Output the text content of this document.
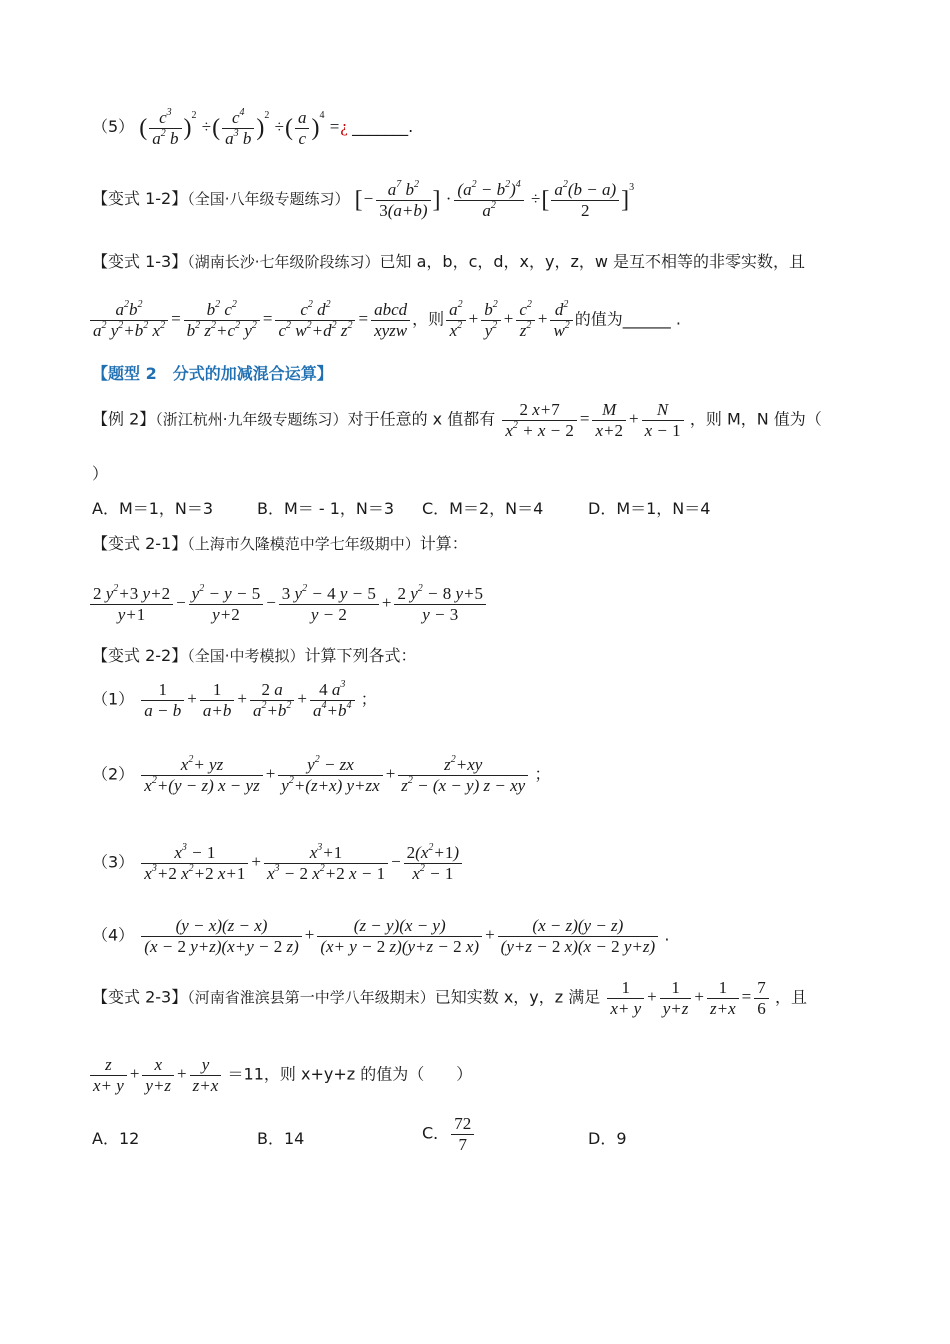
（5） ( $\frac{c^3}{a^2 b} )^2$ ÷( $\frac{c^4}{a^3 b} )^2$ ÷( $\frac{a}{c} )^4$ =¿ _______.
【变式 1-2】（全国·八年级专题练习） [− $\frac{a^7 b^2}{3(a+b)}$ ] · $\frac{(a^2 - b^2)^4}{a^2}$ ÷[ $\frac{a^2(b - a)}{2} ]^3$
【变式 1-3】（湖南长沙·七年级阶段练习）已知 a，b，c，d，x，y，z，w 是互不相等的非零实数，且
$\frac{a^2b^2}{a^2 y^2+b^2 x^2} = \frac{b^2 c^2}{b^2 z^2+c^2 y^2} = \frac{c^2 d^2}{c^2 w^2+d^2 z^2} = \frac{\text{abcd}}{\text{xyzw}}$ ，则 $\frac{a^2}{x^2} + \frac{b^2}{y^2} + \frac{c^2}{z^2} + \frac{d^2}{w^2}$ 的值为______ .
【题型 2　分式的加减混合运算】
【例 2】（浙江杭州·九年级专题练习）对于任意的 x 值都有 $\frac{2 x+7}{x^2 + x - 2} = \frac{M}{x+2} + \frac{N}{x - 1}$ ，则 M，N 值为（
）
A．M＝1，N＝3	B．M＝ - 1，N＝3 C．M＝2，N＝4	D．M＝1，N＝4
【变式 2-1】（上海市久隆模范中学七年级期中）计算：
$\frac{2 y^2+3 y+2}{y+1} - \frac{y^2 - y - 5}{y+2} - \frac{3 y^2 - 4 y - 5}{y - 2} + \frac{2 y^2 - 8 y+5}{y - 3}$
【变式 2-2】（全国·中考模拟）计算下列各式：
$(1) \frac{1}{a - b} + \frac{1}{a+b} + \frac{2 a}{a^2+b^2} + \frac{4 a^3}{a^4+b^4}$ ；
$(2) \frac{x^2+ yz}{x^2+(y - z) x - yz} + \frac{y^2 - zx}{y^2+(z+x) y+zx} + \frac{z^2+xy}{z^2 - (x - y) z - xy}$ ；
$(3) \frac{x^3 - 1}{x^3+2 x^2+2 x+1} + \frac{x^3+1}{x^3 - 2 x^2+2 x - 1} - \frac{2(x^2+1)}{x^2 - 1}$
$(4) \frac{(y - x)(z - x)}{(x - 2 y+z)(x+y - 2 z)} + \frac{(z - y)(x - y)}{(x+ y - 2 z)(y+z - 2 x)} + \frac{(x - z)(y - z)}{(y+z - 2 x)(x - 2 y+z)}$ .
【变式 2-3】（河南省淮滨县第一中学八年级期末）已知实数 x，y，z 满足 $\frac{1}{x+ y} + \frac{1}{y+z} + \frac{1}{z+x} = \frac{7}{6}$ ，且
$\frac{z}{x+ y} + \frac{x}{y+z} + \frac{y}{z+x} =11$，则 x+y+z 的值为（　　）
A．12	B．14	C． $\frac{72}{7}$	D．9
